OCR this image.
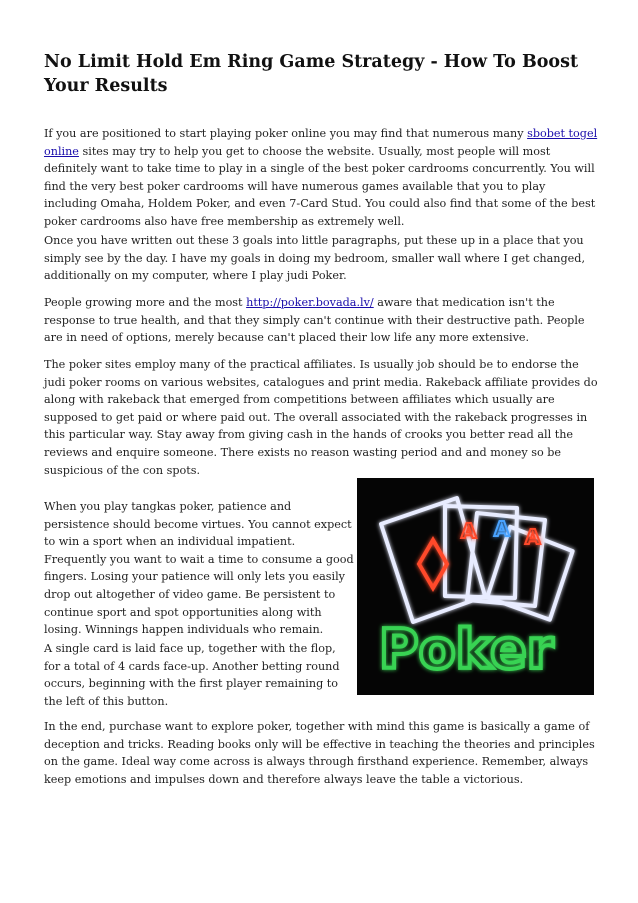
No Limit Hold Em Ring Game Strategy - How To Boost Your Results

If you are positioned to start playing poker online you may find that numerous many sbobet togel online sites may try to help you get to choose the website. Usually, most people will most definitely want to take time to play in a single of the best poker cardrooms concurrently. You will find the very best poker cardrooms will have numerous games available that you to play including Omaha, Holdem Poker, and even 7-Card Stud. You could also find that some of the best poker cardrooms also have free membership as extremely well.

Once you have written out these 3 goals into little paragraphs, put these up in a place that you simply see by the day. I have my goals in doing my bedroom, smaller wall where I get changed, additionally on my computer, where I play judi Poker.

People growing more and the most http://poker.bovada.lv/ aware that medication isn't the response to true health, and that they simply can't continue with their destructive path. People are in need of options, merely because can't placed their low life any more extensive.

The poker sites employ many of the practical affiliates. Is usually job should be to endorse the judi poker rooms on various websites, catalogues and print media. Rakeback affiliate provides do along with rakeback that emerged from competitions between affiliates which usually are supposed to get paid or where paid out. The overall associated with the rakeback progresses in this particular way. Stay away from giving cash in the hands of crooks you better read all the reviews and enquire someone. There exists no reason wasting period and and money so be suspicious of the con spots.

When you play tangkas poker, patience and persistence should become virtues. You cannot expect to win a sport when an individual impatient. Frequently you want to wait a time to consume a good fingers. Losing your patience will only lets you easily drop out altogether of video game. Be persistent to continue sport and spot opportunities along with losing. Winnings happen individuals who remain.

A single card is laid face up, together with the flop, for a total of 4 cards face-up. Another betting round occurs, beginning with the first player remaining to the left of this button.

In the end, purchase want to explore poker, together with mind this game is basically a game of deception and tricks. Reading books only will be effective in teaching the theories and principles on the game. Ideal way come across is always through firsthand experience. Remember, always keep emotions and impulses down and therefore always leave the table a victorious.

A A A
Poker
